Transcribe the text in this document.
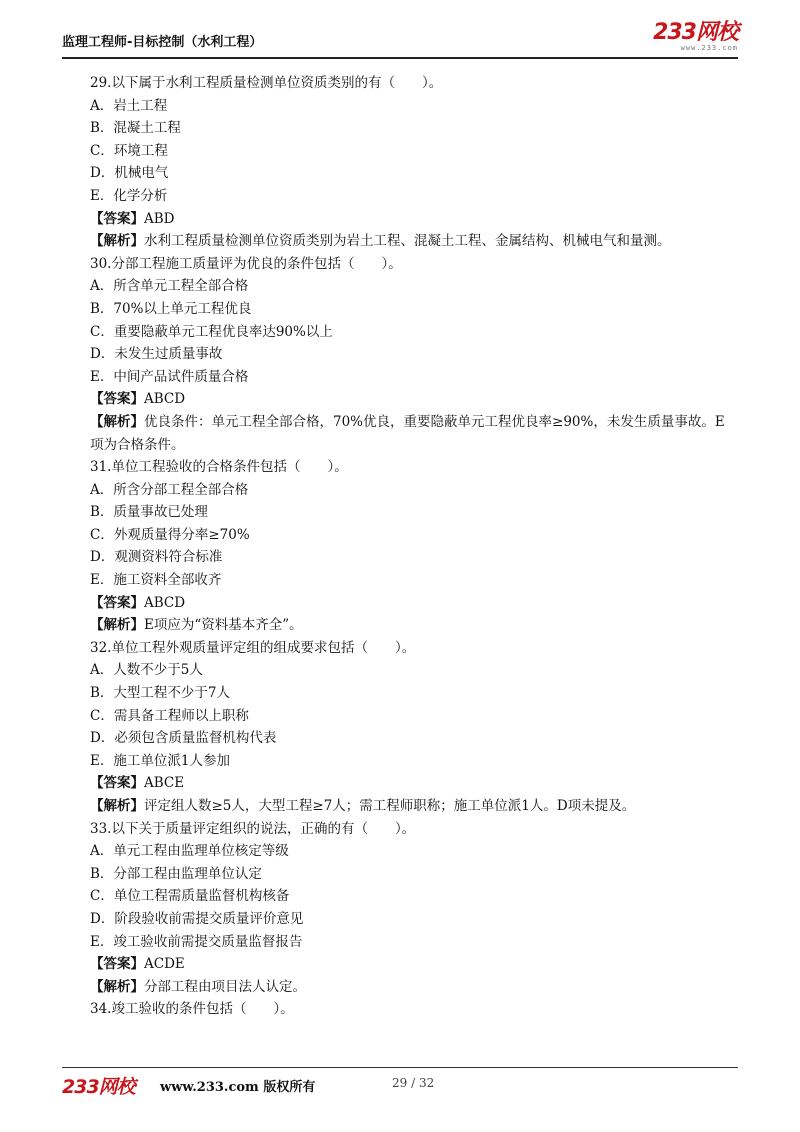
监理工程师-目标控制（水利工程）	233网校
www.233.com
29.以下属于水利工程质量检测单位资质类别的有（　　）。
A．岩土工程
B．混凝土工程
C．环境工程
D．机械电气
E．化学分析
【答案】ABD
【解析】水利工程质量检测单位资质类别为岩土工程、混凝土工程、金属结构、机械电气和量测。
30.分部工程施工质量评为优良的条件包括（　　）。
A．所含单元工程全部合格
B．70%以上单元工程优良
C．重要隐蔽单元工程优良率达90%以上
D．未发生过质量事故
E．中间产品试件质量合格
【答案】ABCD
【解析】优良条件：单元工程全部合格，70%优良，重要隐蔽单元工程优良率≥90%，未发生质量事故。E项为合格条件。
31.单位工程验收的合格条件包括（　　）。
A．所含分部工程全部合格
B．质量事故已处理
C．外观质量得分率≥70%
D．观测资料符合标准
E．施工资料全部收齐
【答案】ABCD
【解析】E项应为“资料基本齐全”。
32.单位工程外观质量评定组的组成要求包括（　　）。
A．人数不少于5人
B．大型工程不少于7人
C．需具备工程师以上职称
D．必须包含质量监督机构代表
E．施工单位派1人参加
【答案】ABCE
【解析】评定组人数≥5人，大型工程≥7人；需工程师职称；施工单位派1人。D项未提及。
33.以下关于质量评定组织的说法，正确的有（　　）。
A．单元工程由监理单位核定等级
B．分部工程由监理单位认定
C．单位工程需质量监督机构核备
D．阶段验收前需提交质量评价意见
E．竣工验收前需提交质量监督报告
【答案】ACDE
【解析】分部工程由项目法人认定。
34.竣工验收的条件包括（　　）。
233网校 www.233.com 版权所有	29 / 32
